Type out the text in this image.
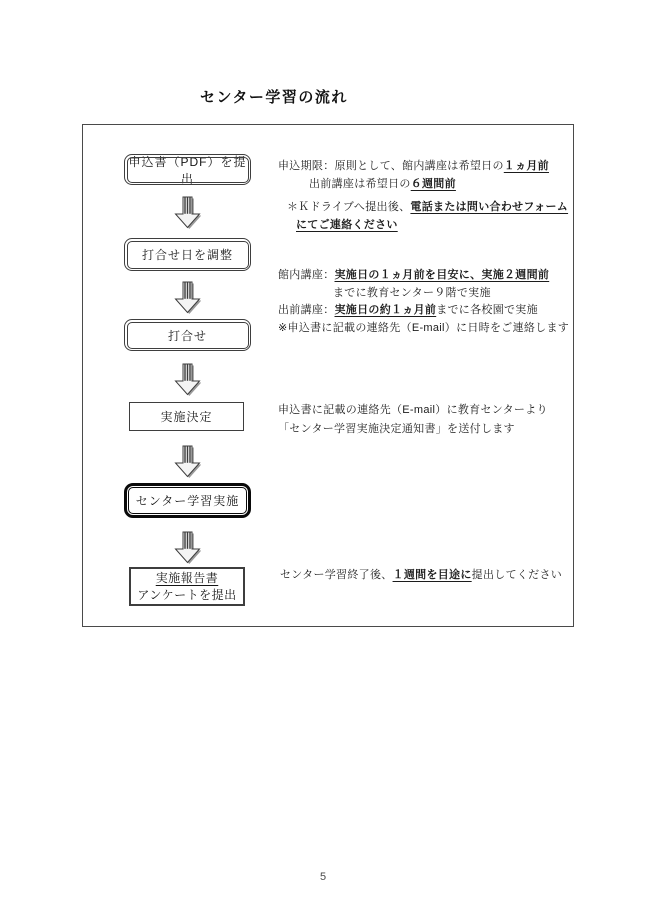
センター学習の流れ
申込書（PDF）を提出
打合せ日を調整
打合せ
実施決定
センター学習実施
実施報告書
アンケートを提出
申込期限：原則として、館内講座は希望日の１ヵ月前
出前講座は希望日の６週間前
＊Ｋドライブへ提出後、電話または問い合わせフォーム
にてご連絡ください
館内講座：実施日の１ヵ月前を目安に、実施２週間前
までに教育センター９階で実施
出前講座：実施日の約１ヵ月前までに各校園で実施
※申込書に記載の連絡先（E-mail）に日時をご連絡します
申込書に記載の連絡先（E-mail）に教育センターより
「センター学習実施決定通知書」を送付します
センター学習終了後、１週間を目途に提出してください
5
